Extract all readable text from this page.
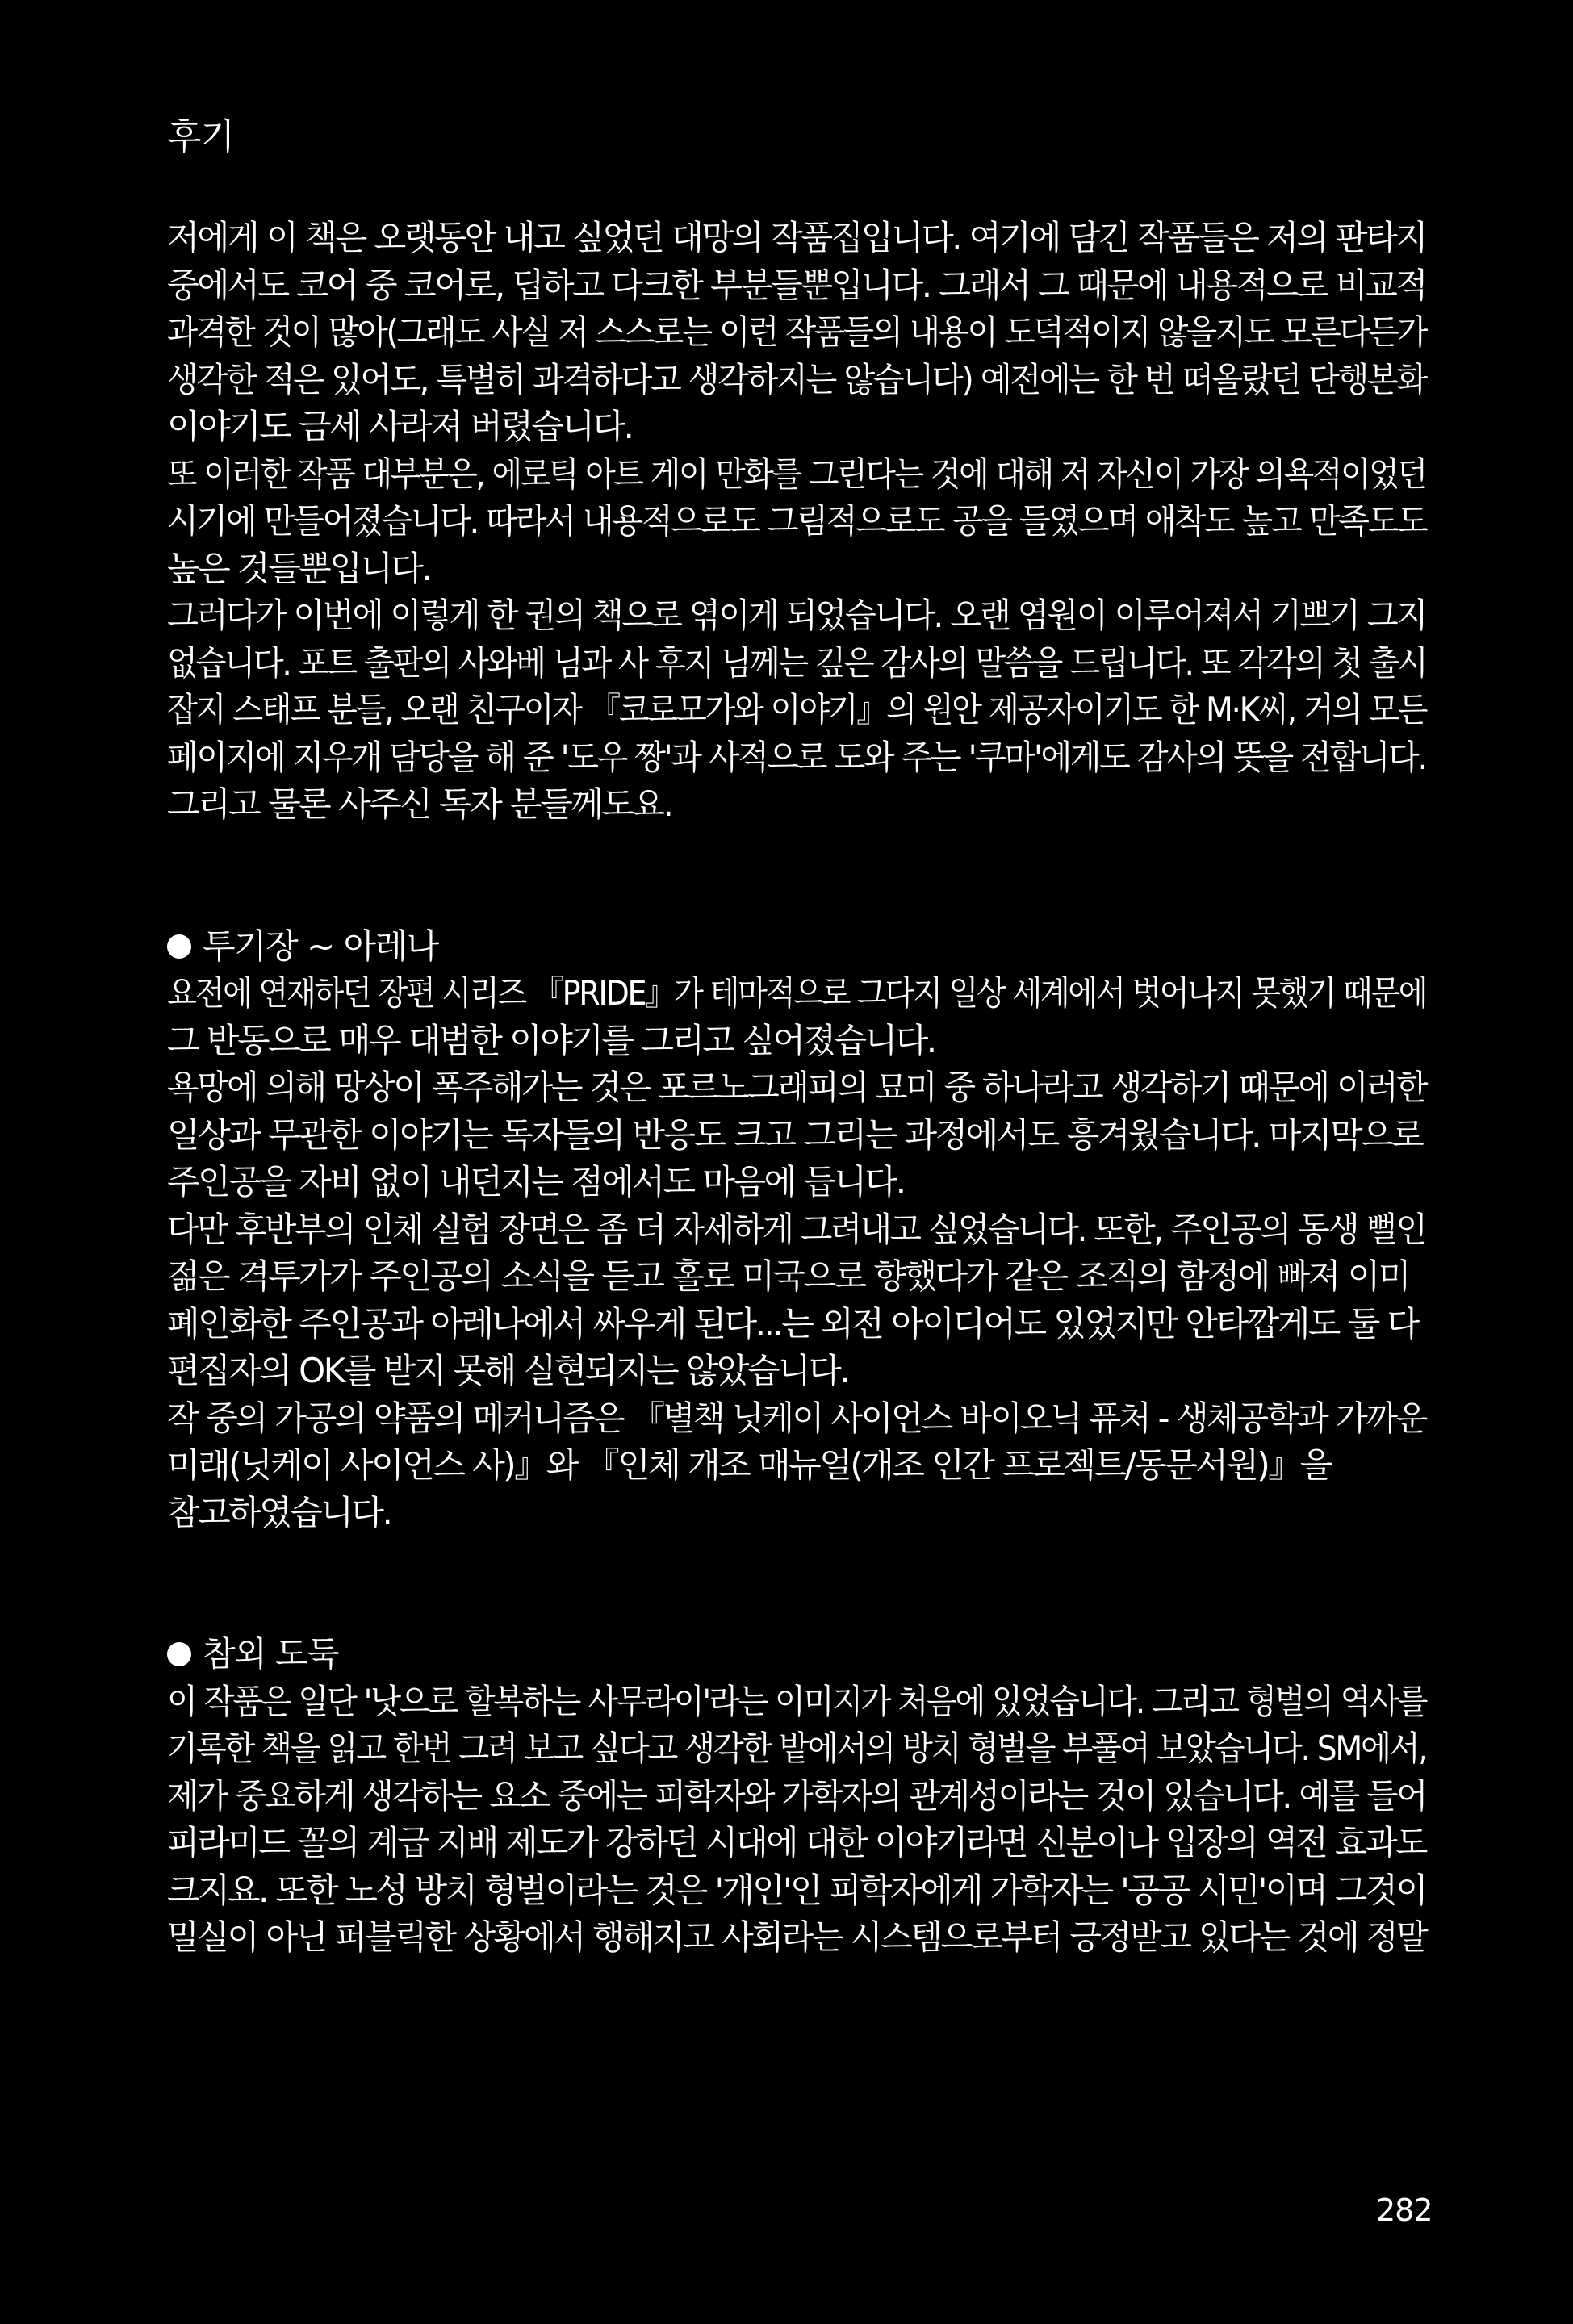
후기
저에게 이 책은 오랫동안 내고 싶었던 대망의 작품집입니다. 여기에 담긴 작품들은 저의 판타지
중에서도 코어 중 코어로, 딥하고 다크한 부분들뿐입니다. 그래서 그 때문에 내용적으로 비교적
과격한 것이 많아(그래도 사실 저 스스로는 이런 작품들의 내용이 도덕적이지 않을지도 모른다든가
생각한 적은 있어도, 특별히 과격하다고 생각하지는 않습니다) 예전에는 한 번 떠올랐던 단행본화
이야기도 금세 사라져 버렸습니다.
또 이러한 작품 대부분은, 에로틱 아트 게이 만화를 그린다는 것에 대해 저 자신이 가장 의욕적이었던
시기에 만들어졌습니다. 따라서 내용적으로도 그림적으로도 공을 들였으며 애착도 높고 만족도도
높은 것들뿐입니다.
그러다가 이번에 이렇게 한 권의 책으로 엮이게 되었습니다. 오랜 염원이 이루어져서 기쁘기 그지
없습니다. 포트 출판의 사와베 님과 사 후지 님께는 깊은 감사의 말씀을 드립니다. 또 각각의 첫 출시
잡지 스태프 분들, 오랜 친구이자 『코로모가와 이야기』의 원안 제공자이기도 한 M·K씨, 거의 모든
페이지에 지우개 담당을 해 준 '도우 짱'과 사적으로 도와 주는 '쿠마'에게도 감사의 뜻을 전합니다.
그리고 물론 사주신 독자 분들께도요.
투기장 ~ 아레나
요전에 연재하던 장편 시리즈 『PRIDE』가 테마적으로 그다지 일상 세계에서 벗어나지 못했기 때문에
그 반동으로 매우 대범한 이야기를 그리고 싶어졌습니다.
욕망에 의해 망상이 폭주해가는 것은 포르노그래피의 묘미 중 하나라고 생각하기 때문에 이러한
일상과 무관한 이야기는 독자들의 반응도 크고 그리는 과정에서도 흥겨웠습니다. 마지막으로
주인공을 자비 없이 내던지는 점에서도 마음에 듭니다.
다만 후반부의 인체 실험 장면은 좀 더 자세하게 그려내고 싶었습니다. 또한, 주인공의 동생 뻘인
젊은 격투가가 주인공의 소식을 듣고 홀로 미국으로 향했다가 같은 조직의 함정에 빠져 이미
폐인화한 주인공과 아레나에서 싸우게 된다...는 외전 아이디어도 있었지만 안타깝게도 둘 다
편집자의 OK를 받지 못해 실현되지는 않았습니다.
작 중의 가공의 약품의 메커니즘은 『별책 닛케이 사이언스 바이오닉 퓨처 - 생체공학과 가까운
미래(닛케이 사이언스 사)』와 『인체 개조 매뉴얼(개조 인간 프로젝트/동문서원)』을
참고하였습니다.
참외 도둑
이 작품은 일단 '낫으로 할복하는 사무라이'라는 이미지가 처음에 있었습니다. 그리고 형벌의 역사를
기록한 책을 읽고 한번 그려 보고 싶다고 생각한 밭에서의 방치 형벌을 부풀여 보았습니다. SM에서,
제가 중요하게 생각하는 요소 중에는 피학자와 가학자의 관계성이라는 것이 있습니다. 예를 들어
피라미드 꼴의 계급 지배 제도가 강하던 시대에 대한 이야기라면 신분이나 입장의 역전 효과도
크지요. 또한 노성 방치 형벌이라는 것은 '개인'인 피학자에게 가학자는 '공공 시민'이며 그것이
밀실이 아닌 퍼블릭한 상황에서 행해지고 사회라는 시스템으로부터 긍정받고 있다는 것에 정말
282
